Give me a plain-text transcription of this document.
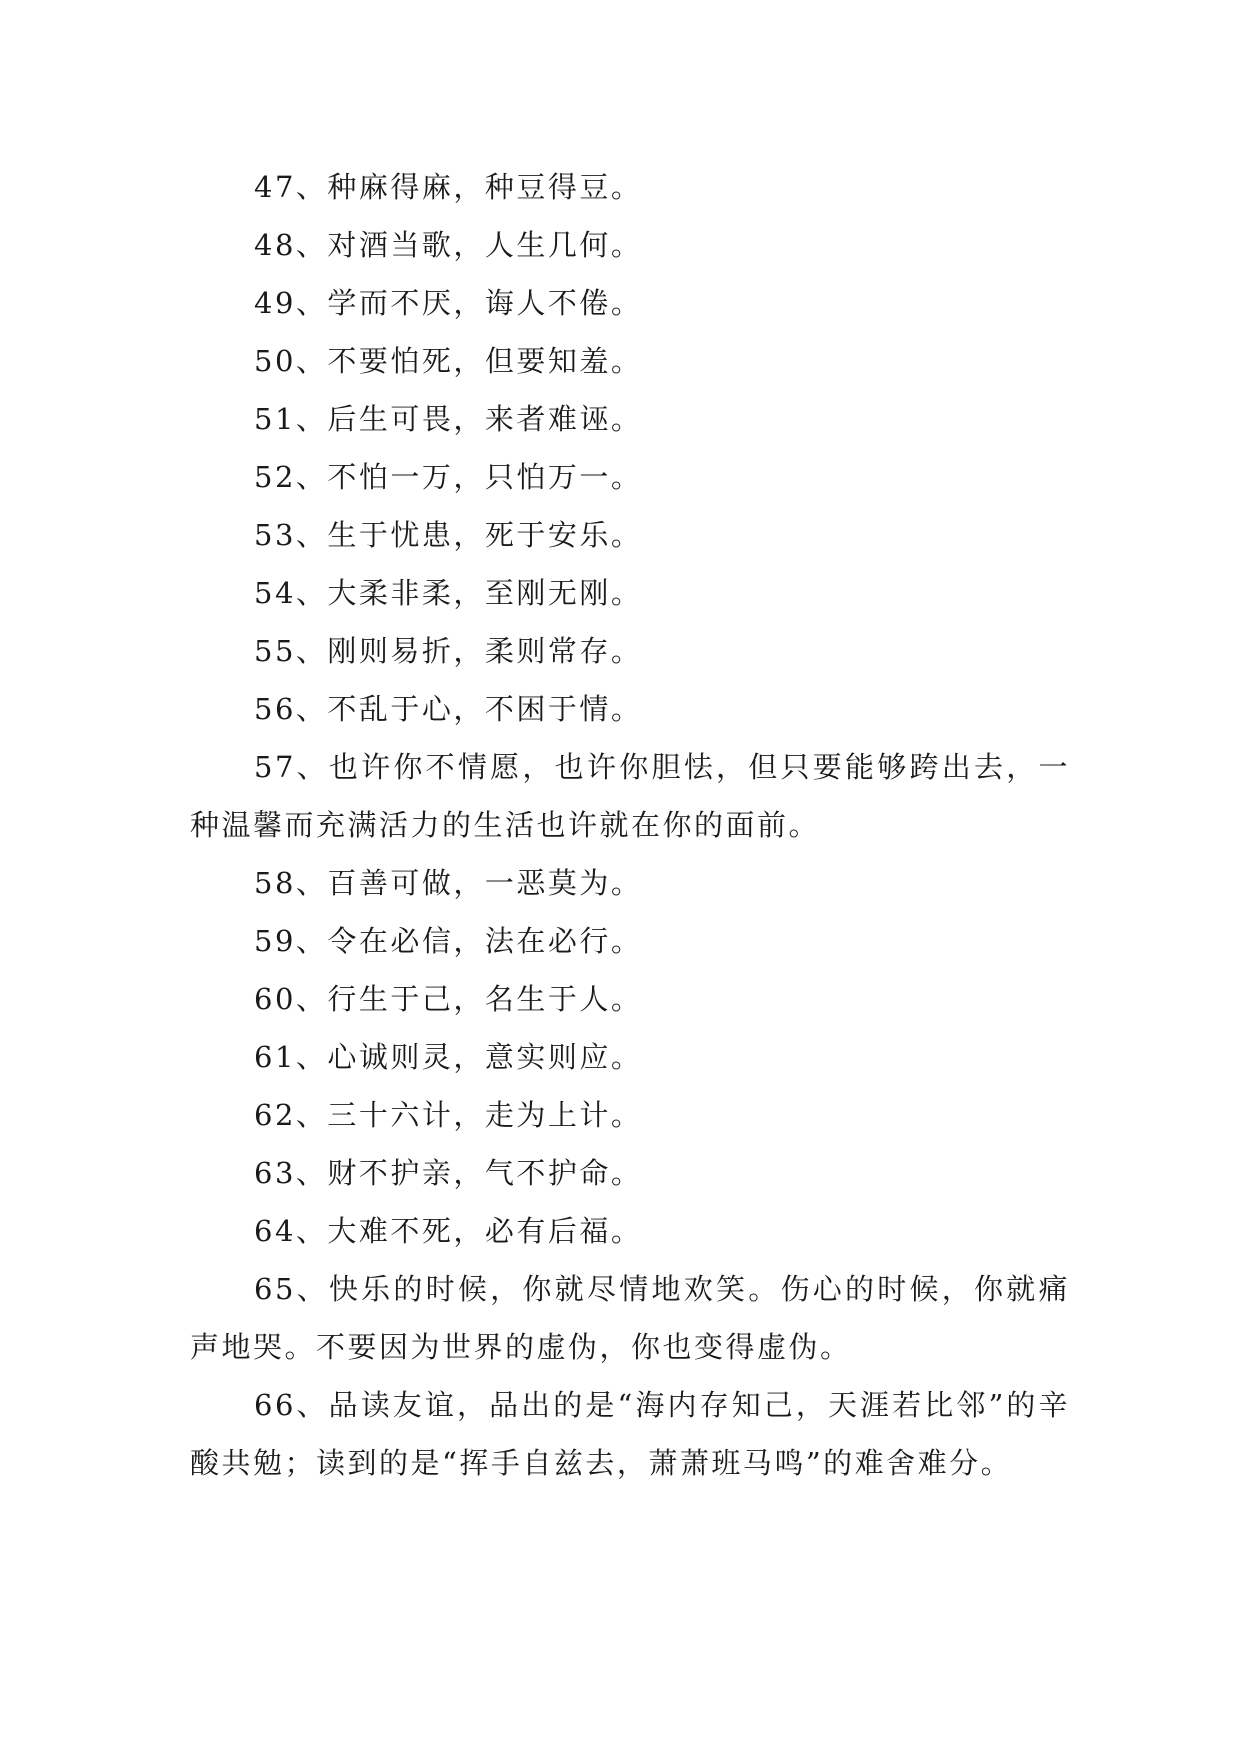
47、种麻得麻，种豆得豆。

48、对酒当歌，人生几何。

49、学而不厌，诲人不倦。

50、不要怕死，但要知羞。

51、后生可畏，来者难诬。

52、不怕一万，只怕万一。

53、生于忧患，死于安乐。

54、大柔非柔，至刚无刚。

55、刚则易折，柔则常存。

56、不乱于心，不困于情。

57、也许你不情愿，也许你胆怯，但只要能够跨出去，一种温馨而充满活力的生活也许就在你的面前。

58、百善可做，一恶莫为。

59、令在必信，法在必行。

60、行生于己，名生于人。

61、心诚则灵，意实则应。

62、三十六计，走为上计。

63、财不护亲，气不护命。

64、大难不死，必有后福。

65、快乐的时候，你就尽情地欢笑。伤心的时候，你就痛声地哭。不要因为世界的虚伪，你也变得虚伪。

66、品读友谊，品出的是“海内存知己，天涯若比邻”的辛酸共勉；读到的是“挥手自兹去，萧萧班马鸣”的难舍难分。
